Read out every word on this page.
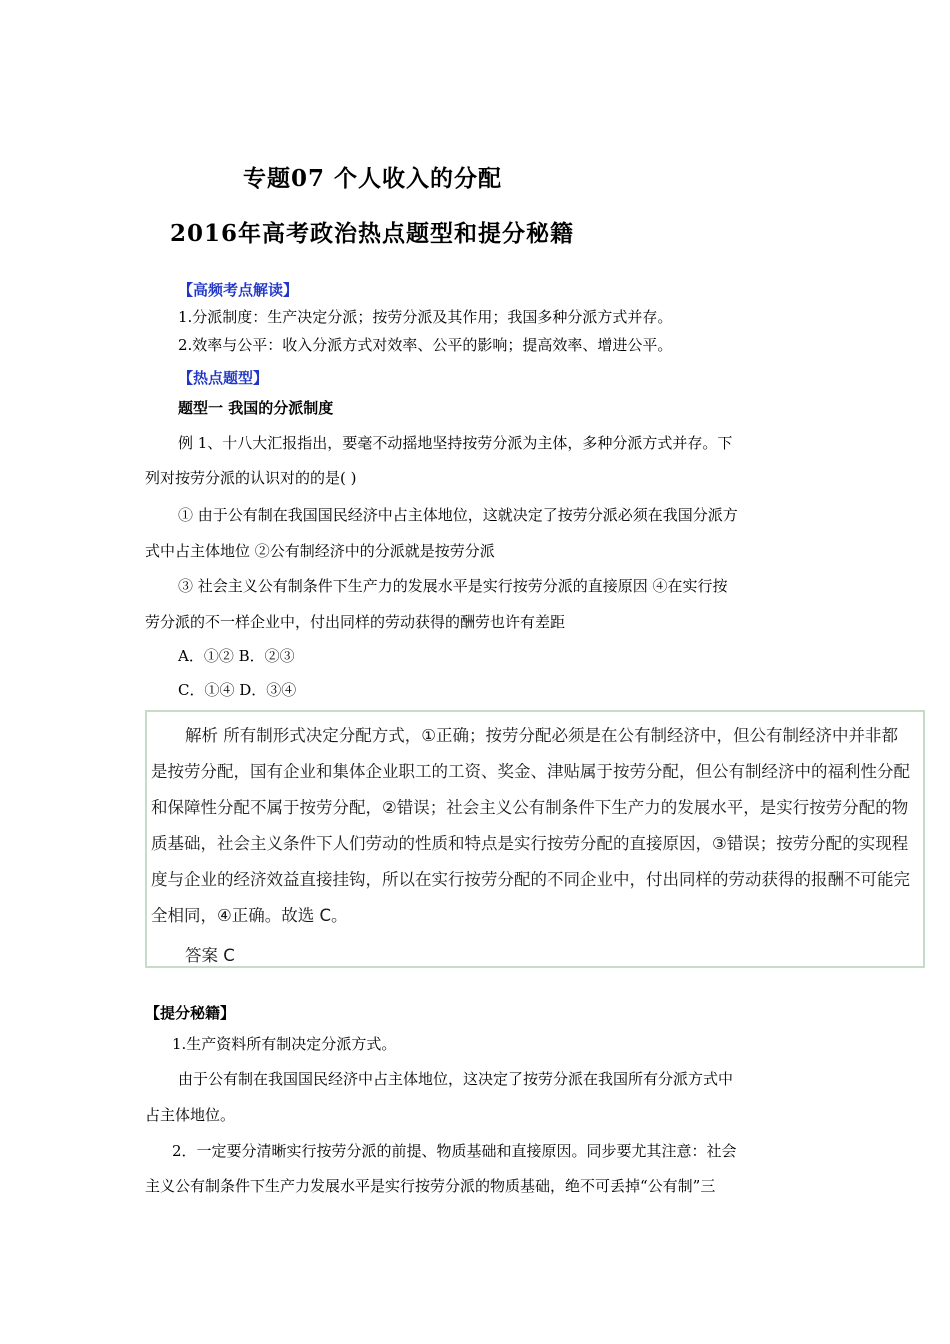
专题07 个人收入的分配
2016年高考政治热点题型和提分秘籍
【高频考点解读】
1.分派制度：生产决定分派；按劳分派及其作用；我国多种分派方式并存。
2.效率与公平：收入分派方式对效率、公平的影响；提高效率、增进公平。
【热点题型】
题型一 我国的分派制度
例 1、十八大汇报指出，要毫不动摇地坚持按劳分派为主体，多种分派方式并存。下
列对按劳分派的认识对的的是( )
① 由于公有制在我国国民经济中占主体地位，这就决定了按劳分派必须在我国分派方
式中占主体地位 ②公有制经济中的分派就是按劳分派
③ 社会主义公有制条件下生产力的发展水平是实行按劳分派的直接原因 ④在实行按
劳分派的不一样企业中，付出同样的劳动获得的酬劳也许有差距
A．①② B．②③
C．①④ D．③④
解析 所有制形式决定分配方式，①正确；按劳分配必须是在公有制经济中，但公有制经济中并非都
是按劳分配，国有企业和集体企业职工的工资、奖金、津贴属于按劳分配，但公有制经济中的福利性分配
和保障性分配不属于按劳分配，②错误；社会主义公有制条件下生产力的发展水平，是实行按劳分配的物
质基础，社会主义条件下人们劳动的性质和特点是实行按劳分配的直接原因，③错误；按劳分配的实现程
度与企业的经济效益直接挂钩，所以在实行按劳分配的不同企业中，付出同样的劳动获得的报酬不可能完
全相同，④正确。故选 C。
答案 C
【提分秘籍】
1.生产资料所有制决定分派方式。
由于公有制在我国国民经济中占主体地位，这决定了按劳分派在我国所有分派方式中
占主体地位。
2．一定要分清晰实行按劳分派的前提、物质基础和直接原因。同步要尤其注意：社会
主义公有制条件下生产力发展水平是实行按劳分派的物质基础，绝不可丢掉“公有制”三
